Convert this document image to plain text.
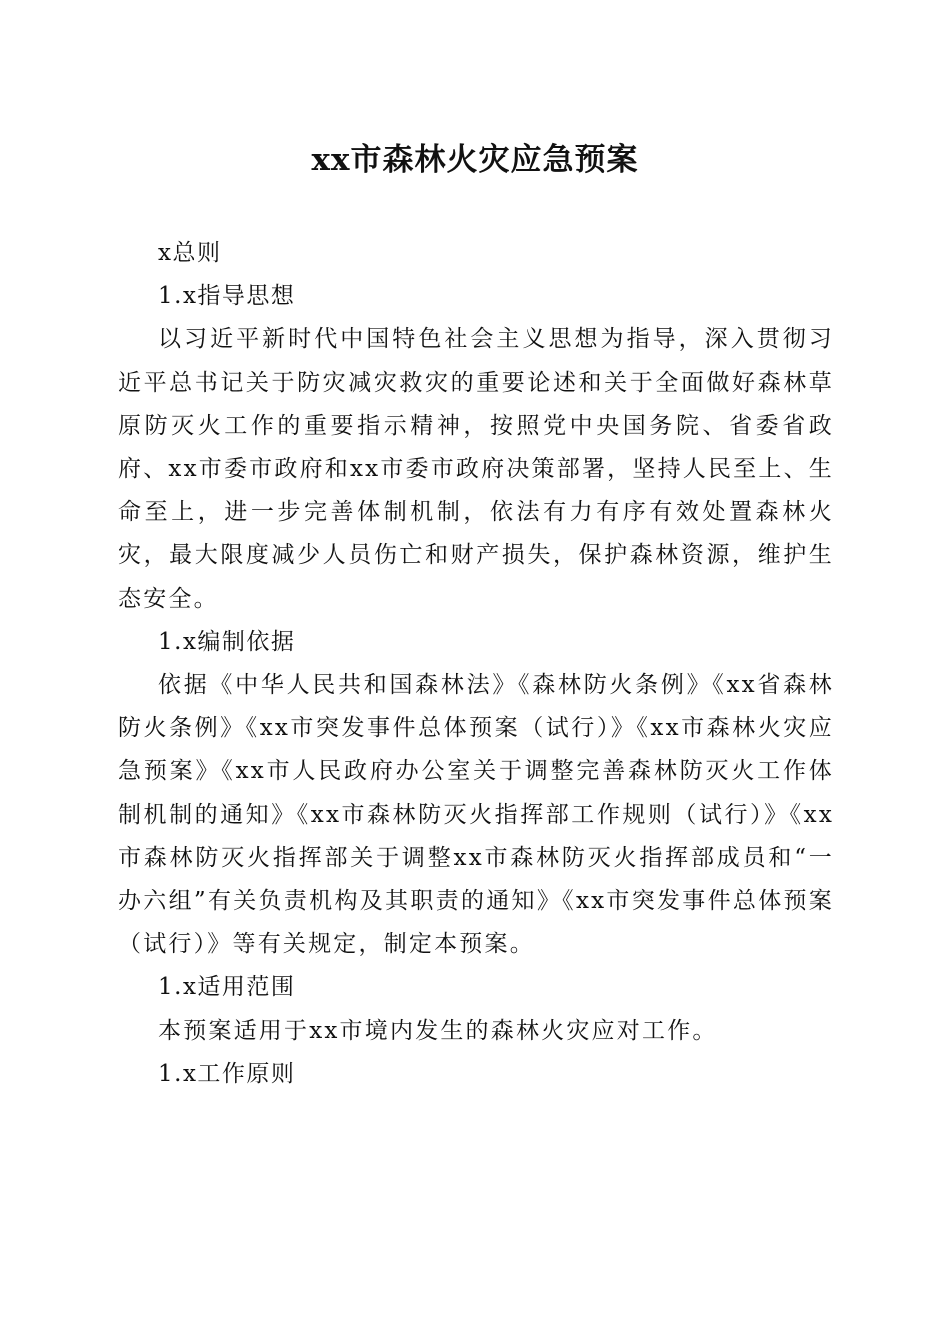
xx市森林火灾应急预案

x总则

1.x指导思想

以习近平新时代中国特色社会主义思想为指导，深入贯彻习近平总书记关于防灾减灾救灾的重要论述和关于全面做好森林草原防灭火工作的重要指示精神，按照党中央国务院、省委省政府、xx市委市政府和xx市委市政府决策部署，坚持人民至上、生命至上，进一步完善体制机制，依法有力有序有效处置森林火灾，最大限度减少人员伤亡和财产损失，保护森林资源，维护生态安全。

1.x编制依据

依据《中华人民共和国森林法》《森林防火条例》《xx省森林防火条例》《xx市突发事件总体预案（试行）》《xx市森林火灾应急预案》《xx市人民政府办公室关于调整完善森林防灭火工作体制机制的通知》《xx市森林防灭火指挥部工作规则（试行）》《xx市森林防灭火指挥部关于调整xx市森林防灭火指挥部成员和“一办六组”有关负责机构及其职责的通知》《xx市突发事件总体预案（试行）》等有关规定，制定本预案。

1.x适用范围

本预案适用于xx市境内发生的森林火灾应对工作。

1.x工作原则
